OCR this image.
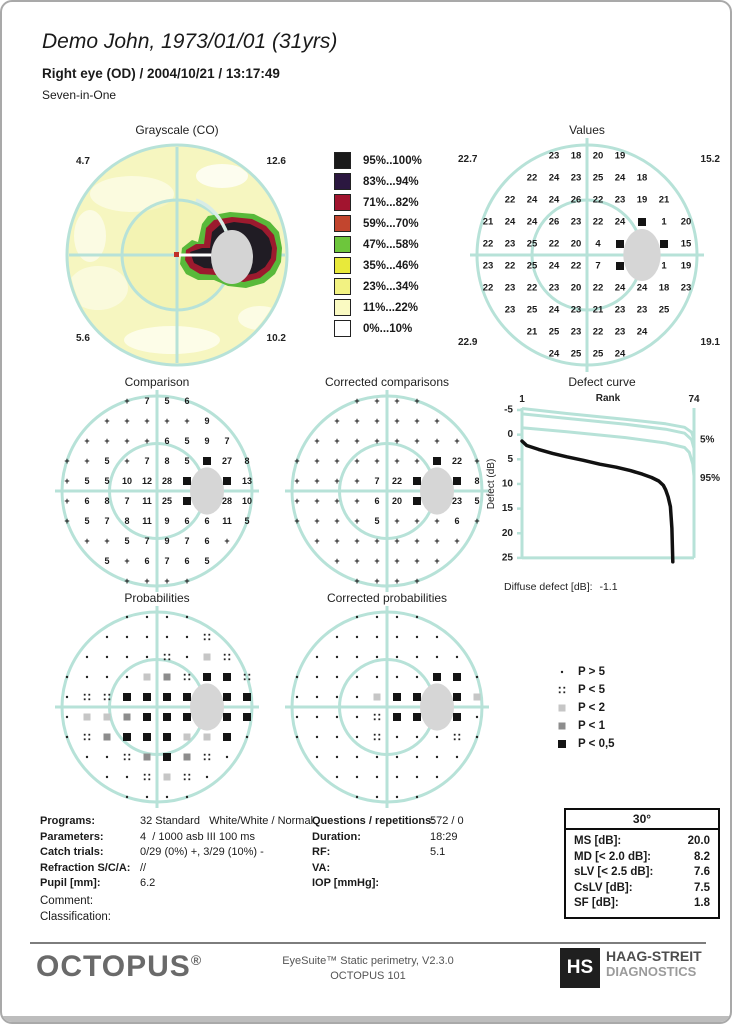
Demo John, 1973/01/01 (31yrs)
Right eye (OD) / 2004/10/21 / 13:17:49
Seven-in-One
Grayscale (CO)
4.7	12.6
5.6	10.2
95%..100%
83%...94%
71%...82%
59%...70%
47%...58%
35%...46%
23%...34%
11%...22%
0%...10%
Values
23 18 20 19
22 24 23 25 24 18
22 24 24 26 22 23 19 21
21 24 24 26 23 22 24	1 20
22 23 25 22 20 4	15
23 22 25 24 22 7	1 19
22 23 22 23 20 22 24 24 18 23
23 25 24 23 21 23 23 25
21 25 23 22 23 24
24 25 25 24
22.7	15.2
22.9	19.1
Comparison
+ 7 5 6
+ + + + + 9
+ + + + 6 5 9 7
+ + 5 + 7 8 5	27 8
+ 5 5 10 12 28	13
+ 6 8 7 11 25	28 10
+ 5 7 8 11 9 6 6 11 5
+ + 5 7 9 7 6 +
5 + 6 7 6 5
+ + + +
Corrected comparisons
+ + + +
+ + + + + +
+ + + + + + + +
+ + + + + + +	22 +
+ + + + 7 22	8
+ + + + 6 20	23 5
+ + + + 5 + + + 6 +
+ + + + + + + +
+ + + + + +
+ + + +
Defect curve
-5
0
5
10
15
20
25
1	Rank	74
Defect (dB)
5%
95%
Diffuse defect [dB]: -1.1
Probabilities	Corrected probabilities
P > 5
P < 5
P < 2
P < 1
P < 0,5
Programs:	32 Standard   White/White / Normal
Parameters:	4  / 1000 asb III 100 ms
Catch trials:	0/29 (0%) +, 3/29 (10%) -
Refraction S/C/A: //
Pupil [mm]:	6.2
Questions / repetitions:
572 / 0
Duration:	18:29
RF:	5.1
VA:
IOP [mmHg]:
30°
MS [dB]:	20.0
MD [< 2.0 dB]:	8.2
sLV [< 2.5 dB]:	7.6
CsLV [dB]:	7.5
SF [dB]:	1.8
Comment:
Classification:
OCTOPUS®	EyeSuite™ Static perimetry, V2.3.0
OCTOPUS 101	HS
HAAG-STREIT
DIAGNOSTICS
